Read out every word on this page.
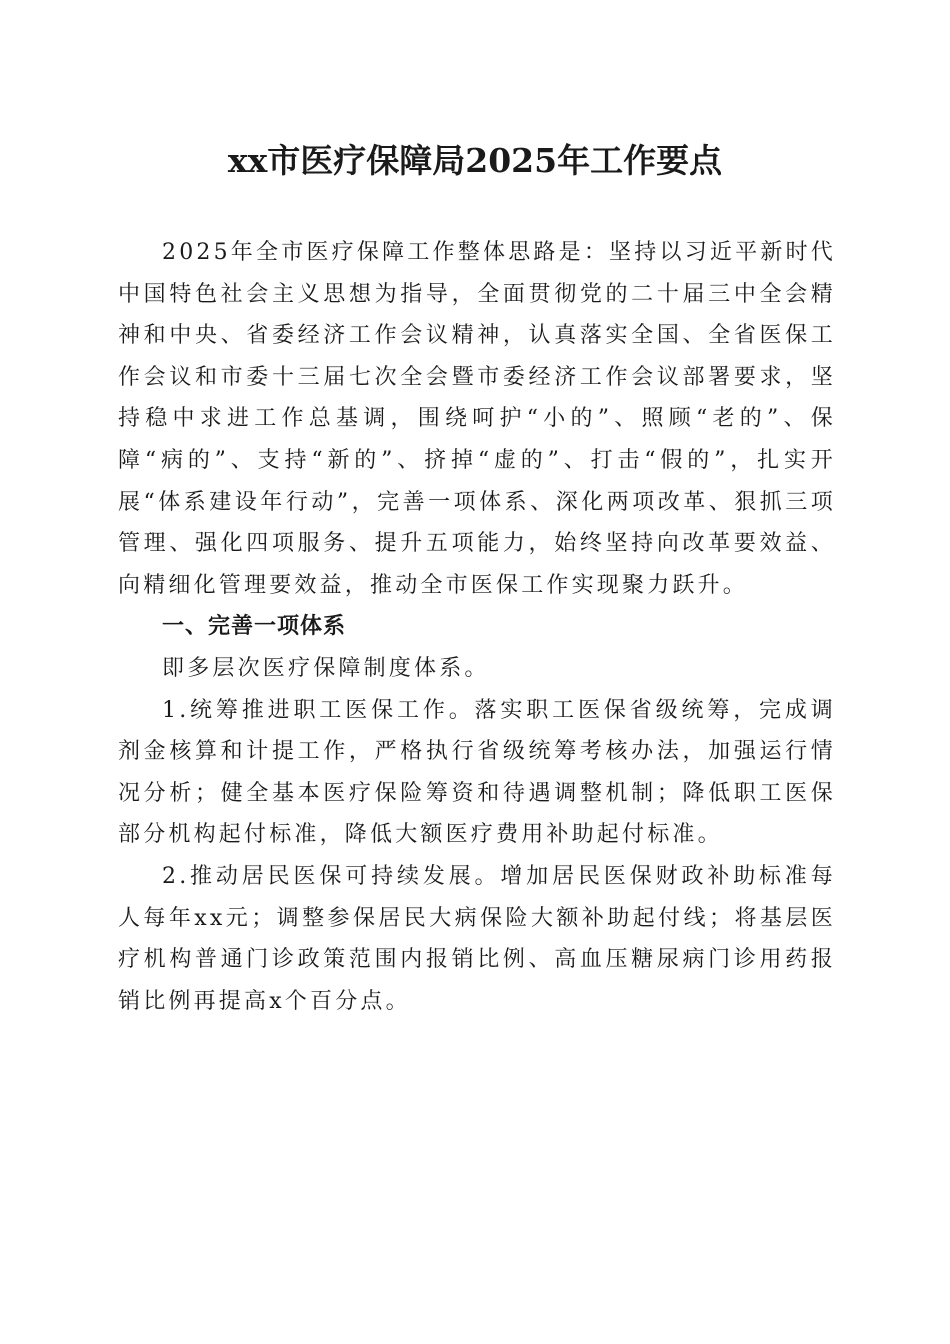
xx市医疗保障局2025年工作要点

2025年全市医疗保障工作整体思路是：坚持以习近平新时代中国特色社会主义思想为指导，全面贯彻党的二十届三中全会精神和中央、省委经济工作会议精神，认真落实全国、全省医保工作会议和市委十三届七次全会暨市委经济工作会议部署要求，坚持稳中求进工作总基调，围绕呵护“小的”、照顾“老的”、保障“病的”、支持“新的”、挤掉“虚的”、打击“假的”，扎实开展“体系建设年行动”，完善一项体系、深化两项改革、狠抓三项管理、强化四项服务、提升五项能力，始终坚持向改革要效益、向精细化管理要效益，推动全市医保工作实现聚力跃升。

一、完善一项体系

即多层次医疗保障制度体系。

1.统筹推进职工医保工作。落实职工医保省级统筹，完成调剂金核算和计提工作，严格执行省级统筹考核办法，加强运行情况分析；健全基本医疗保险筹资和待遇调整机制；降低职工医保部分机构起付标准，降低大额医疗费用补助起付标准。

2.推动居民医保可持续发展。增加居民医保财政补助标准每人每年xx元；调整参保居民大病保险大额补助起付线；将基层医疗机构普通门诊政策范围内报销比例、高血压糖尿病门诊用药报销比例再提高x个百分点。
